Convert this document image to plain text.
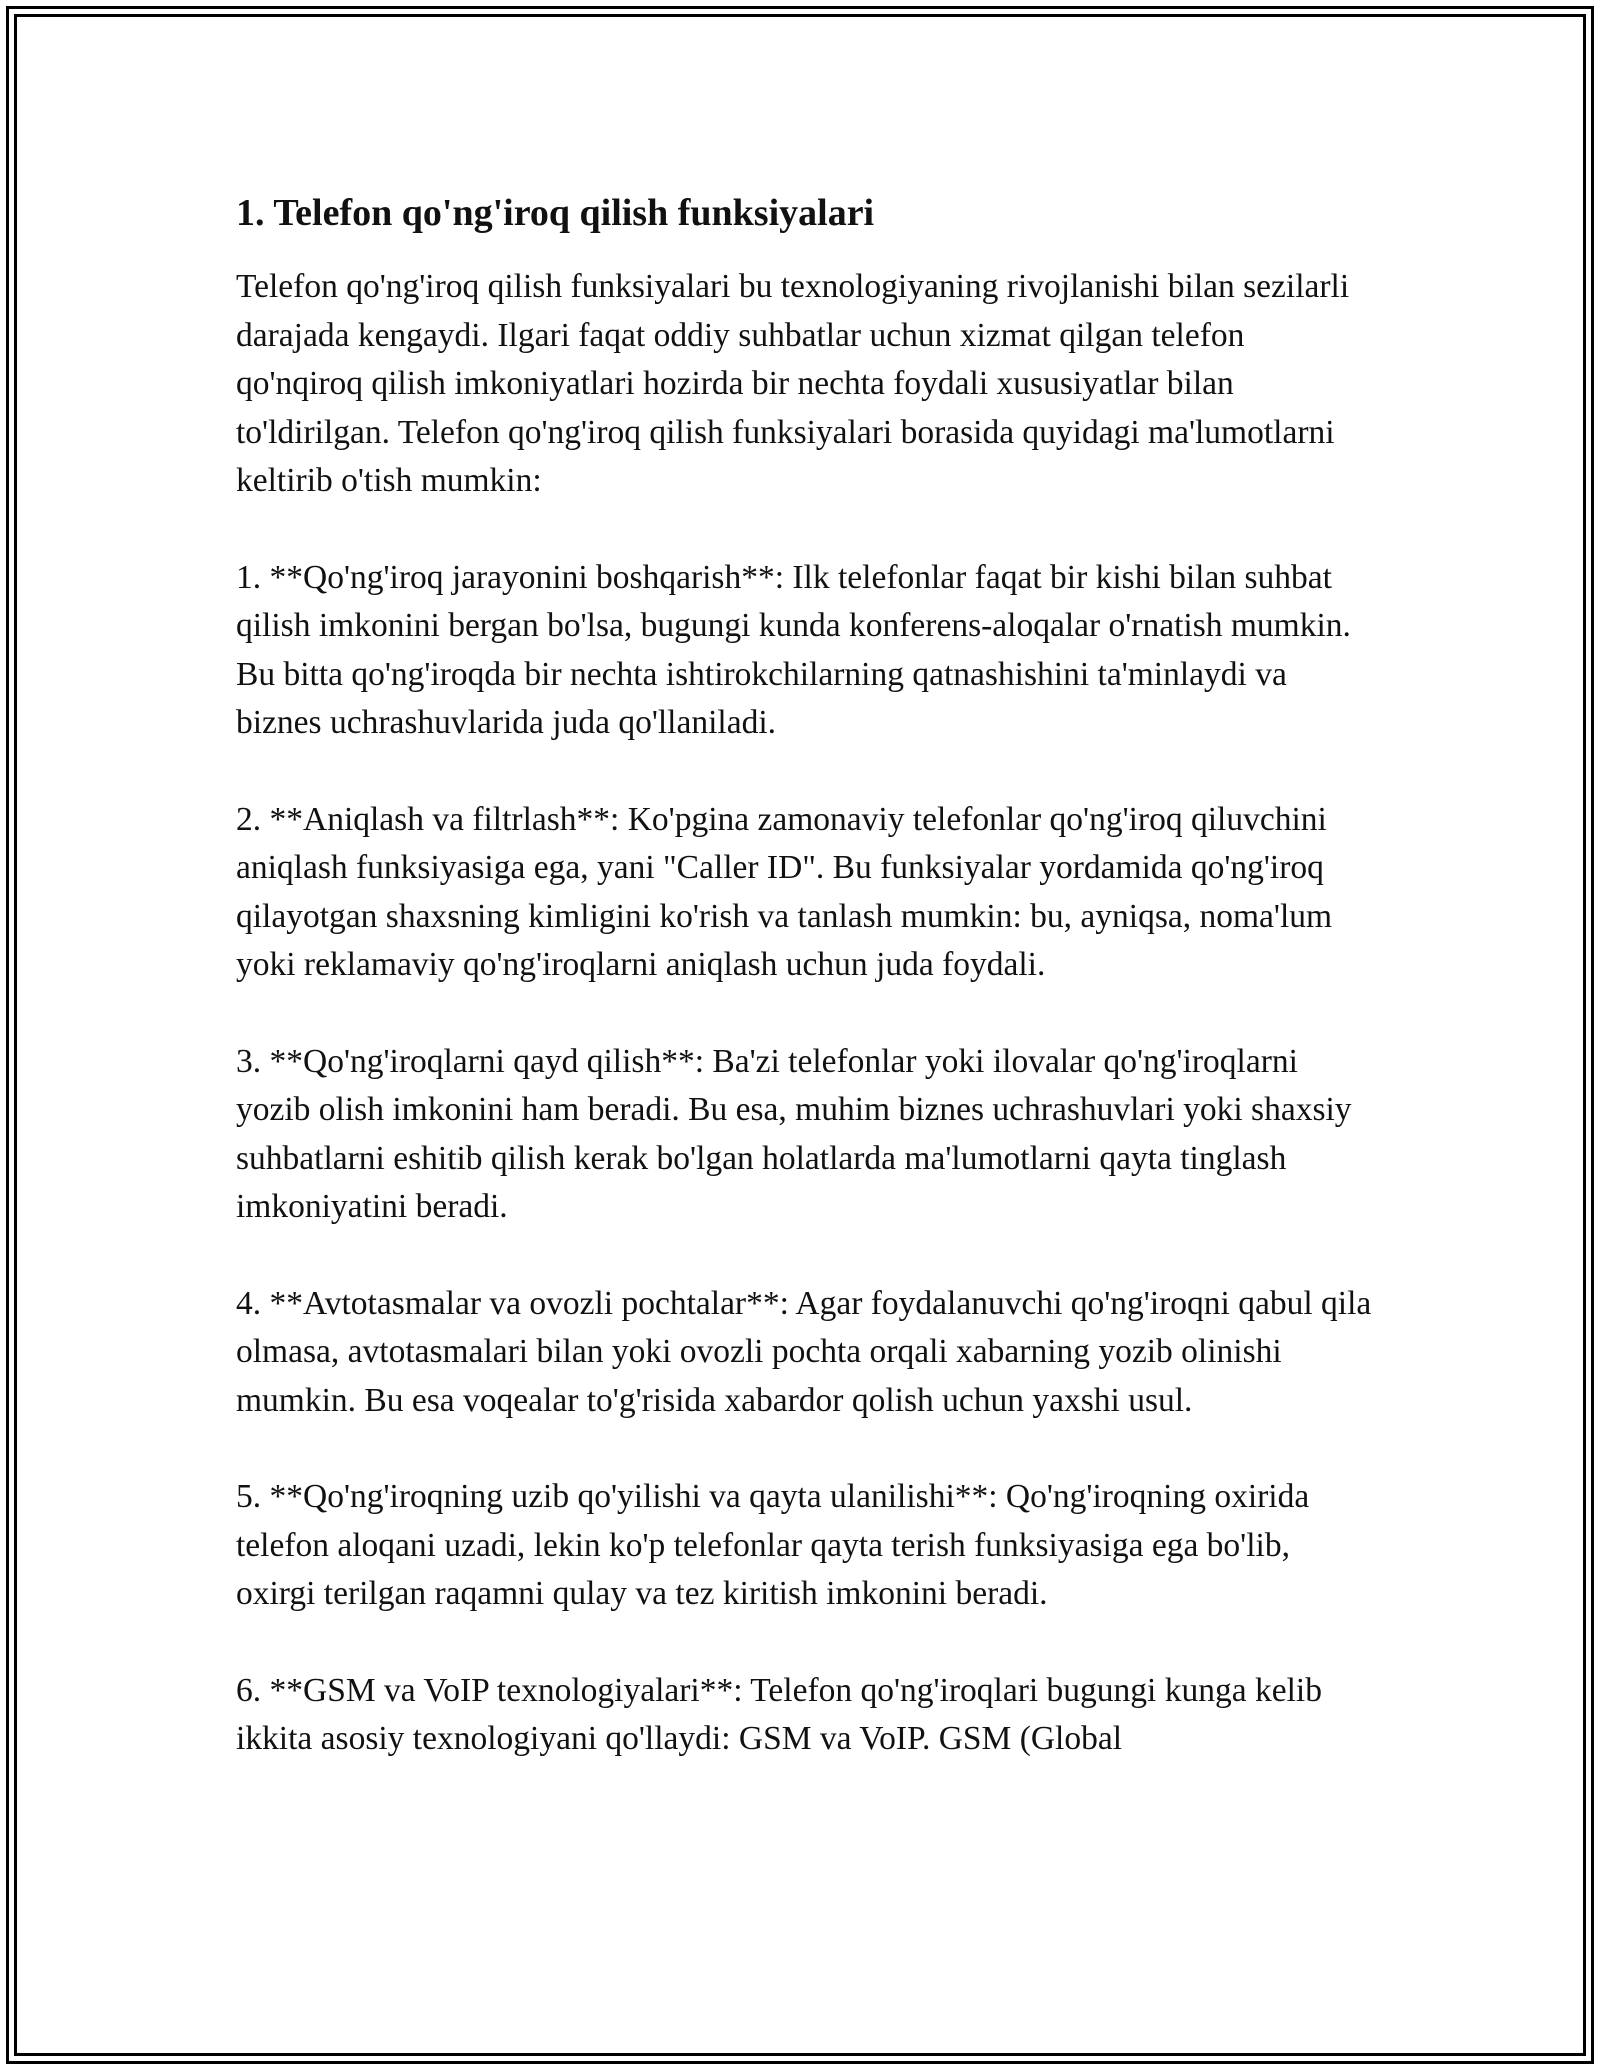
1. Telefon qo'ng'iroq qilish funksiyalari

Telefon qo'ng'iroq qilish funksiyalari bu texnologiyaning rivojlanishi bilan sezilarli darajada kengaydi. Ilgari faqat oddiy suhbatlar uchun xizmat qilgan telefon qo'nqiroq qilish imkoniyatlari hozirda bir nechta foydali xususiyatlar bilan to'ldirilgan. Telefon qo'ng'iroq qilish funksiyalari borasida quyidagi ma'lumotlarni keltirib o'tish mumkin:

1. **Qo'ng'iroq jarayonini boshqarish**: Ilk telefonlar faqat bir kishi bilan suhbat qilish imkonini bergan bo'lsa, bugungi kunda konferens-aloqalar o'rnatish mumkin. Bu bitta qo'ng'iroqda bir nechta ishtirokchilarning qatnashishini ta'minlaydi va biznes uchrashuvlarida juda qo'llaniladi.

2. **Aniqlash va filtrlash**: Ko'pgina zamonaviy telefonlar qo'ng'iroq qiluvchini aniqlash funksiyasiga ega, yani "Caller ID". Bu funksiyalar yordamida qo'ng'iroq qilayotgan shaxsning kimligini ko'rish va tanlash mumkin: bu, ayniqsa, noma'lum yoki reklamaviy qo'ng'iroqlarni aniqlash uchun juda foydali.

3. **Qo'ng'iroqlarni qayd qilish**: Ba'zi telefonlar yoki ilovalar qo'ng'iroqlarni yozib olish imkonini ham beradi. Bu esa, muhim biznes uchrashuvlari yoki shaxsiy suhbatlarni eshitib qilish kerak bo'lgan holatlarda ma'lumotlarni qayta tinglash imkoniyatini beradi.

4. **Avtotasmalar va ovozli pochtalar**: Agar foydalanuvchi qo'ng'iroqni qabul qila olmasa, avtotasmalari bilan yoki ovozli pochta orqali xabarning yozib olinishi mumkin. Bu esa voqealar to'g'risida xabardor qolish uchun yaxshi usul.

5. **Qo'ng'iroqning uzib qo'yilishi va qayta ulanilishi**: Qo'ng'iroqning oxirida telefon aloqani uzadi, lekin ko'p telefonlar qayta terish funksiyasiga ega bo'lib, oxirgi terilgan raqamni qulay va tez kiritish imkonini beradi.

6. **GSM va VoIP texnologiyalari**: Telefon qo'ng'iroqlari bugungi kunga kelib ikkita asosiy texnologiyani qo'llaydi: GSM va VoIP. GSM (Global
